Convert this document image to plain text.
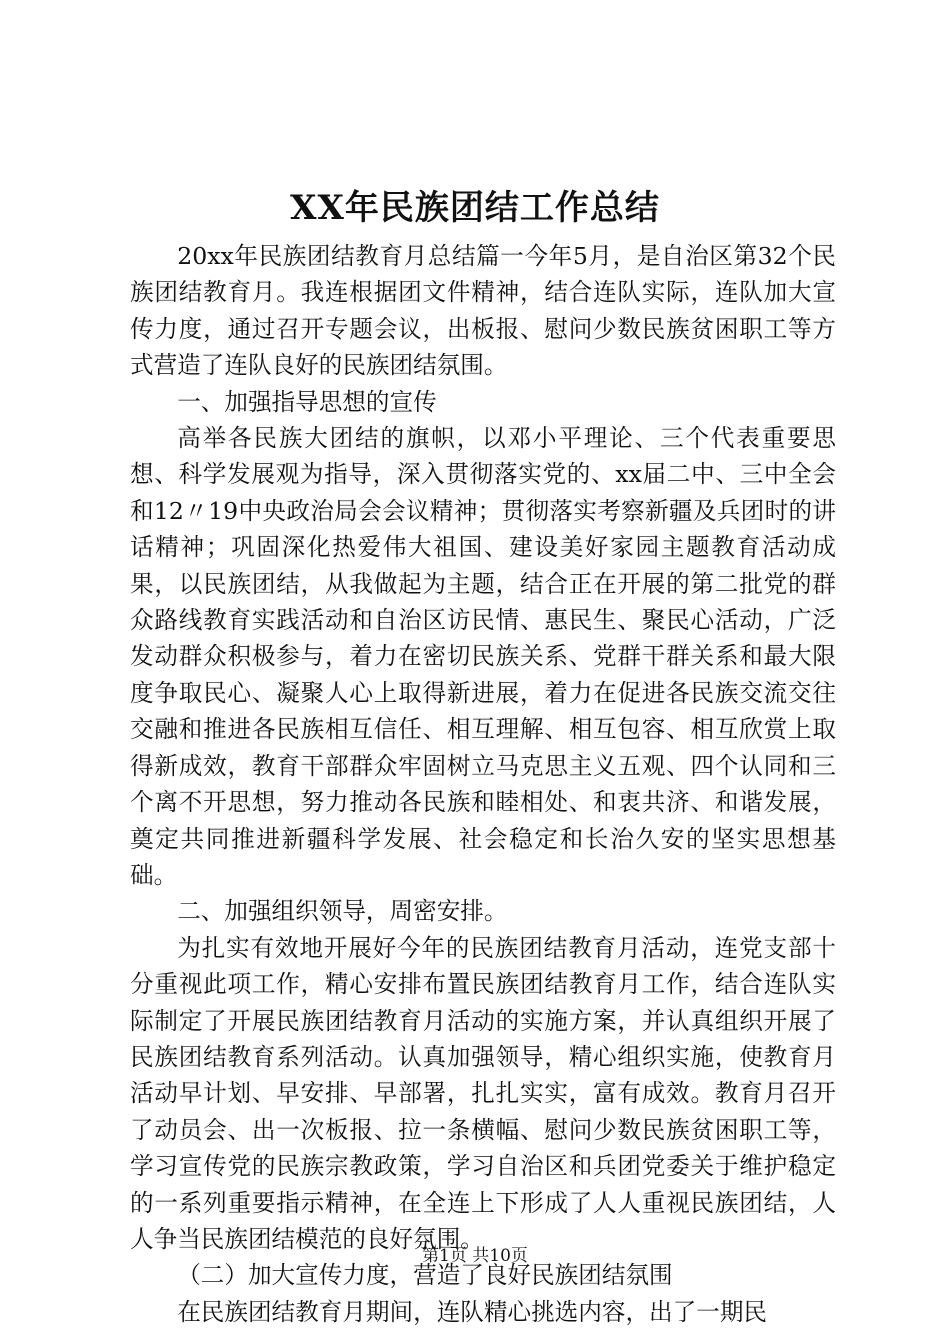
XX年民族团结工作总结

20xx年民族团结教育月总结篇一今年5月，是自治区第32个民族团结教育月。我连根据团文件精神，结合连队实际，连队加大宣传力度，通过召开专题会议，出板报、慰问少数民族贫困职工等方式营造了连队良好的民族团结氛围。

一、加强指导思想的宣传

高举各民族大团结的旗帜，以邓小平理论、三个代表重要思想、科学发展观为指导，深入贯彻落实党的、xx届二中、三中全会和12〃19中央政治局会会议精神；贯彻落实考察新疆及兵团时的讲话精神；巩固深化热爱伟大祖国、建设美好家园主题教育活动成果，以民族团结，从我做起为主题，结合正在开展的第二批党的群众路线教育实践活动和自治区访民情、惠民生、聚民心活动，广泛发动群众积极参与，着力在密切民族关系、党群干群关系和最大限度争取民心、凝聚人心上取得新进展，着力在促进各民族交流交往交融和推进各民族相互信任、相互理解、相互包容、相互欣赏上取得新成效，教育干部群众牢固树立马克思主义五观、四个认同和三个离不开思想，努力推动各民族和睦相处、和衷共济、和谐发展，奠定共同推进新疆科学发展、社会稳定和长治久安的坚实思想基础。

二、加强组织领导，周密安排。

为扎实有效地开展好今年的民族团结教育月活动，连党支部十分重视此项工作，精心安排布置民族团结教育月工作，结合连队实际制定了开展民族团结教育月活动的实施方案，并认真组织开展了民族团结教育系列活动。认真加强领导，精心组织实施，使教育月活动早计划、早安排、早部署，扎扎实实，富有成效。教育月召开了动员会、出一次板报、拉一条横幅、慰问少数民族贫困职工等，学习宣传党的民族宗教政策，学习自治区和兵团党委关于维护稳定的一系列重要指示精神，在全连上下形成了人人重视民族团结，人人争当民族团结模范的良好氛围。

（二）加大宣传力度，营造了良好民族团结氛围

在民族团结教育月期间，连队精心挑选内容，出了一期民

第1页 共10页
